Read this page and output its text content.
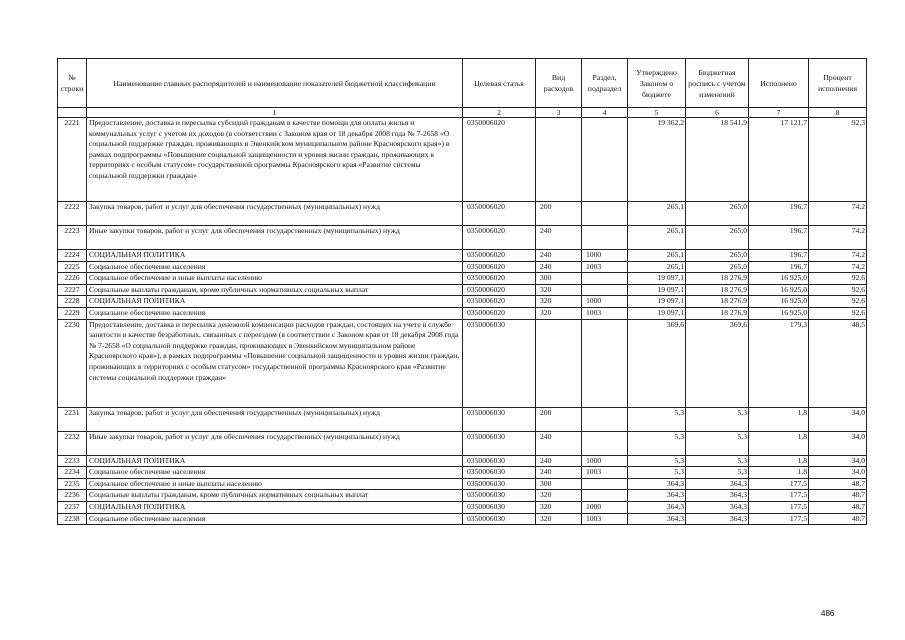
№ строки	Наименование главных распорядителей и наименование показателей бюджетной классификации	Целевая статья	Вид расходов	Раздел, подраздел	Утверждено Законом о бюджете	Бюджетная роспись с учетом изменений	Исполнено	Процент исполнения
	1	2	3	4	5	6	7	8
2221	Предоставление, доставка и пересылка субсидий гражданам в качестве помощи для оплаты жилья и коммунальных услуг с учетом их доходов (в соответствии с Законом края от 18 декабря 2008 года № 7-2658 «О социальной поддержке граждан, проживающих в Эвенкийском муниципальном районе Красноярского края») в рамках подпрограммы «Повышение социальной защищенности и уровня жизни граждан, проживающих в территориях с особым статусом» государственной программы Красноярского края «Развитие системы социальной поддержки граждан»	0350006020			19 362,2	18 541,9	17 121,7	92,3
2222	Закупка товаров, работ и услуг для обеспечения государственных (муниципальных) нужд	0350006020	200		265,1	265,0	196,7	74,2
2223	Иные закупки товаров, работ и услуг для обеспечения государственных (муниципальных) нужд	0350006020	240		265,1	265,0	196,7	74,2
2224	СОЦИАЛЬНАЯ ПОЛИТИКА	0350006020	240	1000	265,1	265,0	196,7	74,2
2225	Социальное обеспечение населения	0350006020	240	1003	265,1	265,0	196,7	74,2
2226	Социальное обеспечение и иные выплаты населению	0350006020	300		19 097,1	18 276,9	16 925,0	92,6
2227	Социальные выплаты гражданам, кроме публичных нормативных социальных выплат	0350006020	320		19 097,1	18 276,9	16 925,0	92,6
2228	СОЦИАЛЬНАЯ ПОЛИТИКА	0350006020	320	1000	19 097,1	18 276,9	16 925,0	92,6
2229	Социальное обеспечение населения	0350006020	320	1003	19 097,1	18 276,9	16 925,0	92,6
2230	Предоставление, доставка и пересылка денежной компенсации расходов граждан, состоящих на учете в службе занятости в качестве безработных, связанных с переездом (в соответствии с Законом края от 18 декабря 2008 года № 7-2658 «О социальной поддержке граждан, проживающих в Эвенкийском муниципальном районе Красноярского края»), в рамках подпрограммы «Повышение социальной защищенности и уровня жизни граждан, проживающих в территориях с особым статусом» государственной программы Красноярского края «Развитие системы социальной поддержки граждан»	0350006030			369,6	369,6	179,3	48,5
2231	Закупка товаров, работ и услуг для обеспечения государственных (муниципальных) нужд	0350006030	200		5,3	5,3	1,8	34,0
2232	Иные закупки товаров, работ и услуг для обеспечения государственных (муниципальных) нужд	0350006030	240		5,3	5,3	1,8	34,0
2233	СОЦИАЛЬНАЯ ПОЛИТИКА	0350006030	240	1000	5,3	5,3	1,8	34,0
2234	Социальное обеспечение населения	0350006030	240	1003	5,3	5,3	1,8	34,0
2235	Социальное обеспечение и иные выплаты населению	0350006030	300		364,3	364,3	177,5	48,7
2236	Социальные выплаты гражданам, кроме публичных нормативных социальных выплат	0350006030	320		364,3	364,3	177,5	48,7
2237	СОЦИАЛЬНАЯ ПОЛИТИКА	0350006030	320	1000	364,3	364,3	177,5	48,7
2238	Социальное обеспечение населения	0350006030	320	1003	364,3	364,3	177,5	48,7
486
